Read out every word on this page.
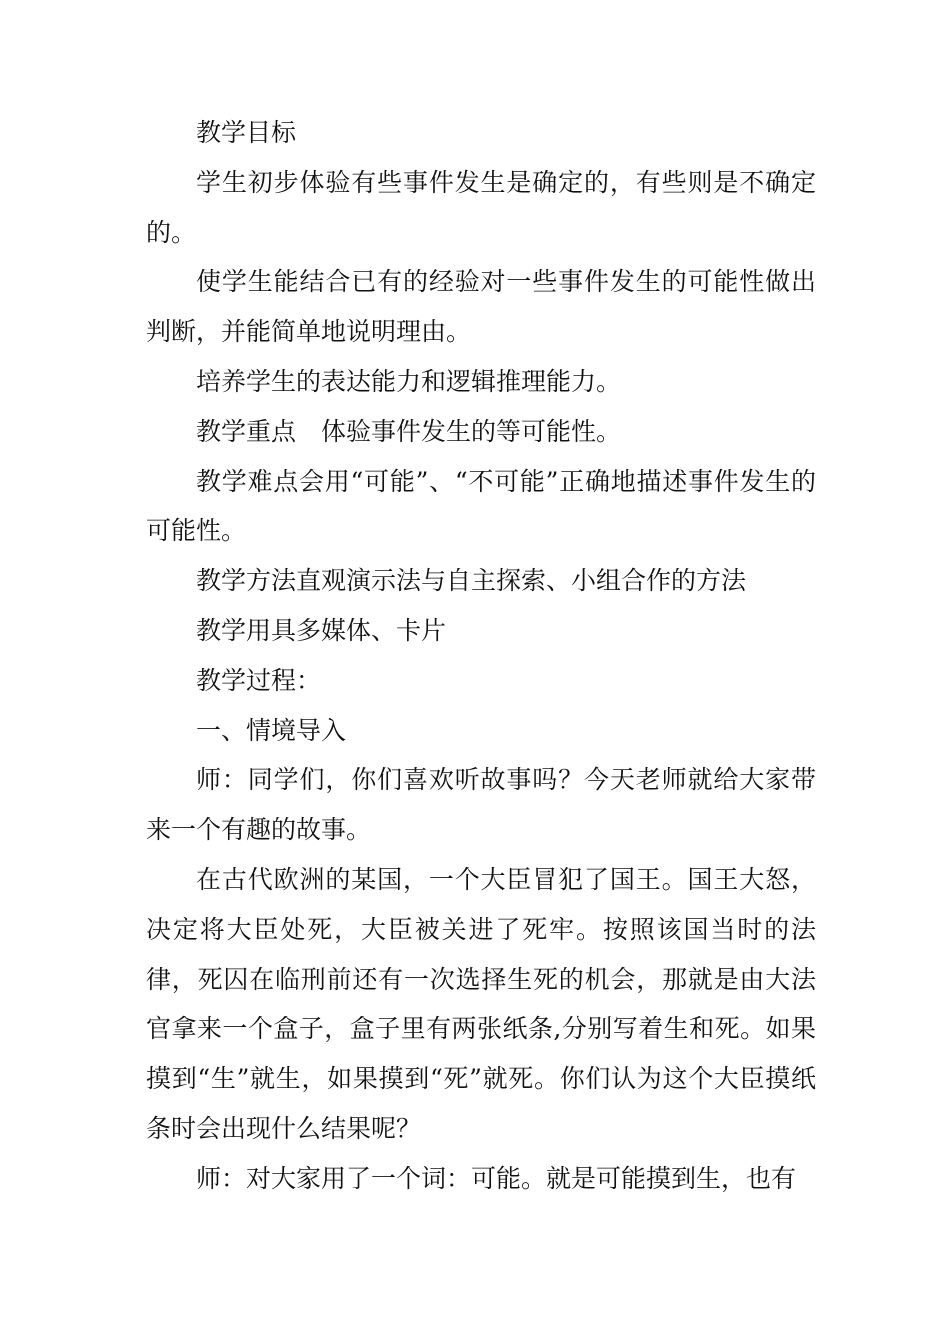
教学目标

学生初步体验有些事件发生是确定的，有些则是不确定的。

使学生能结合已有的经验对一些事件发生的可能性做出判断，并能简单地说明理由。

培养学生的表达能力和逻辑推理能力。

教学重点　体验事件发生的等可能性。

教学难点会用“可能”、“不可能”正确地描述事件发生的可能性。

教学方法直观演示法与自主探索、小组合作的方法

教学用具多媒体、卡片

教学过程：

一、情境导入

师：同学们，你们喜欢听故事吗？今天老师就给大家带来一个有趣的故事。

在古代欧洲的某国，一个大臣冒犯了国王。国王大怒，决定将大臣处死，大臣被关进了死牢。按照该国当时的法律，死囚在临刑前还有一次选择生死的机会，那就是由大法官拿来一个盒子，盒子里有两张纸条,分别写着生和死。如果摸到“生”就生，如果摸到“死”就死。你们认为这个大臣摸纸条时会出现什么结果呢？

师：对大家用了一个词：可能。就是可能摸到生，也有
